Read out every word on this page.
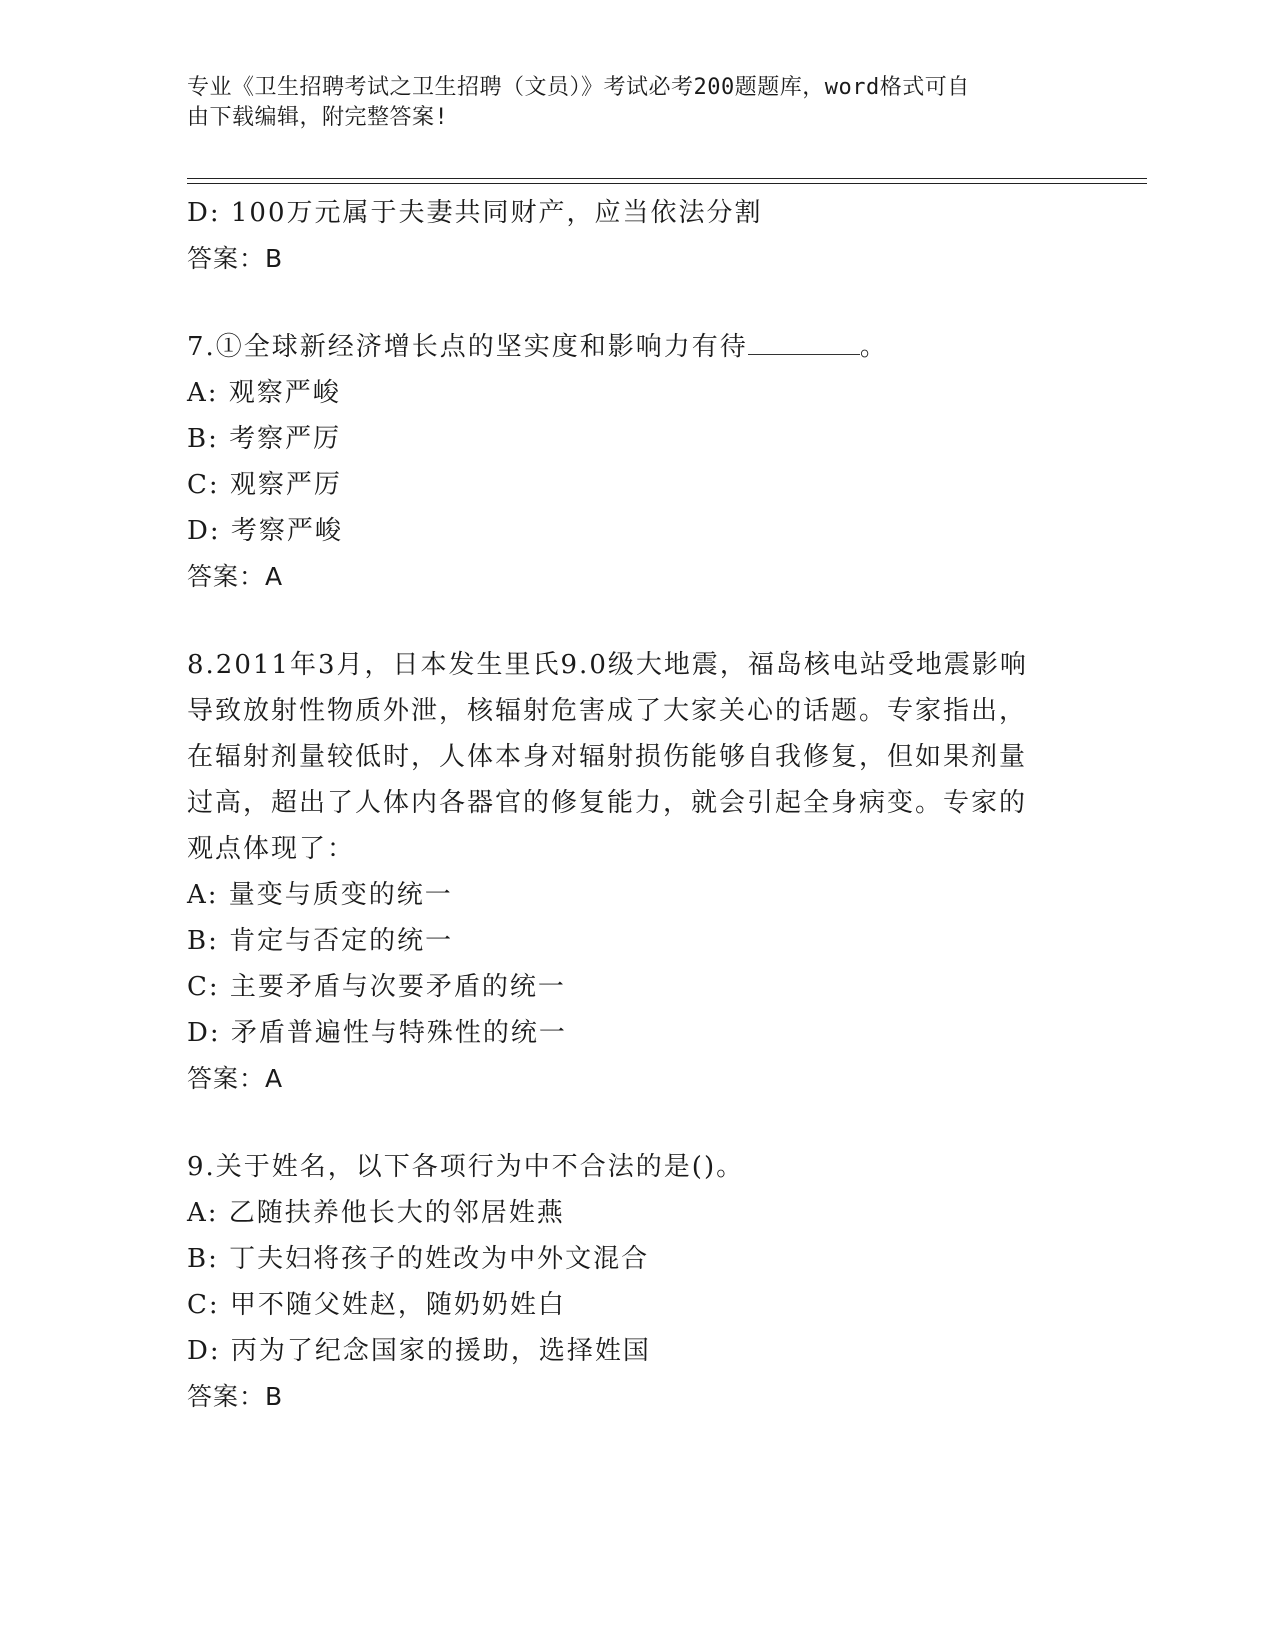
专业《卫生招聘考试之卫生招聘（文员）》考试必考200题题库，word格式可自
由下载编辑，附完整答案!
D: 100万元属于夫妻共同财产，应当依法分割
答案：B
7.①全球新经济增长点的坚实度和影响力有待	。
A: 观察严峻
B: 考察严厉
C: 观察严厉
D: 考察严峻
答案：A
8.2011年3月，日本发生里氏9.0级大地震，福岛核电站受地震影响
导致放射性物质外泄，核辐射危害成了大家关心的话题。专家指出，
在辐射剂量较低时，人体本身对辐射损伤能够自我修复，但如果剂量
过高，超出了人体内各器官的修复能力，就会引起全身病变。专家的
观点体现了：
A: 量变与质变的统一
B: 肯定与否定的统一
C: 主要矛盾与次要矛盾的统一
D: 矛盾普遍性与特殊性的统一
答案：A
9.关于姓名，以下各项行为中不合法的是()。
A: 乙随扶养他长大的邻居姓燕
B: 丁夫妇将孩子的姓改为中外文混合
C: 甲不随父姓赵，随奶奶姓白
D: 丙为了纪念国家的援助，选择姓国
答案：B
